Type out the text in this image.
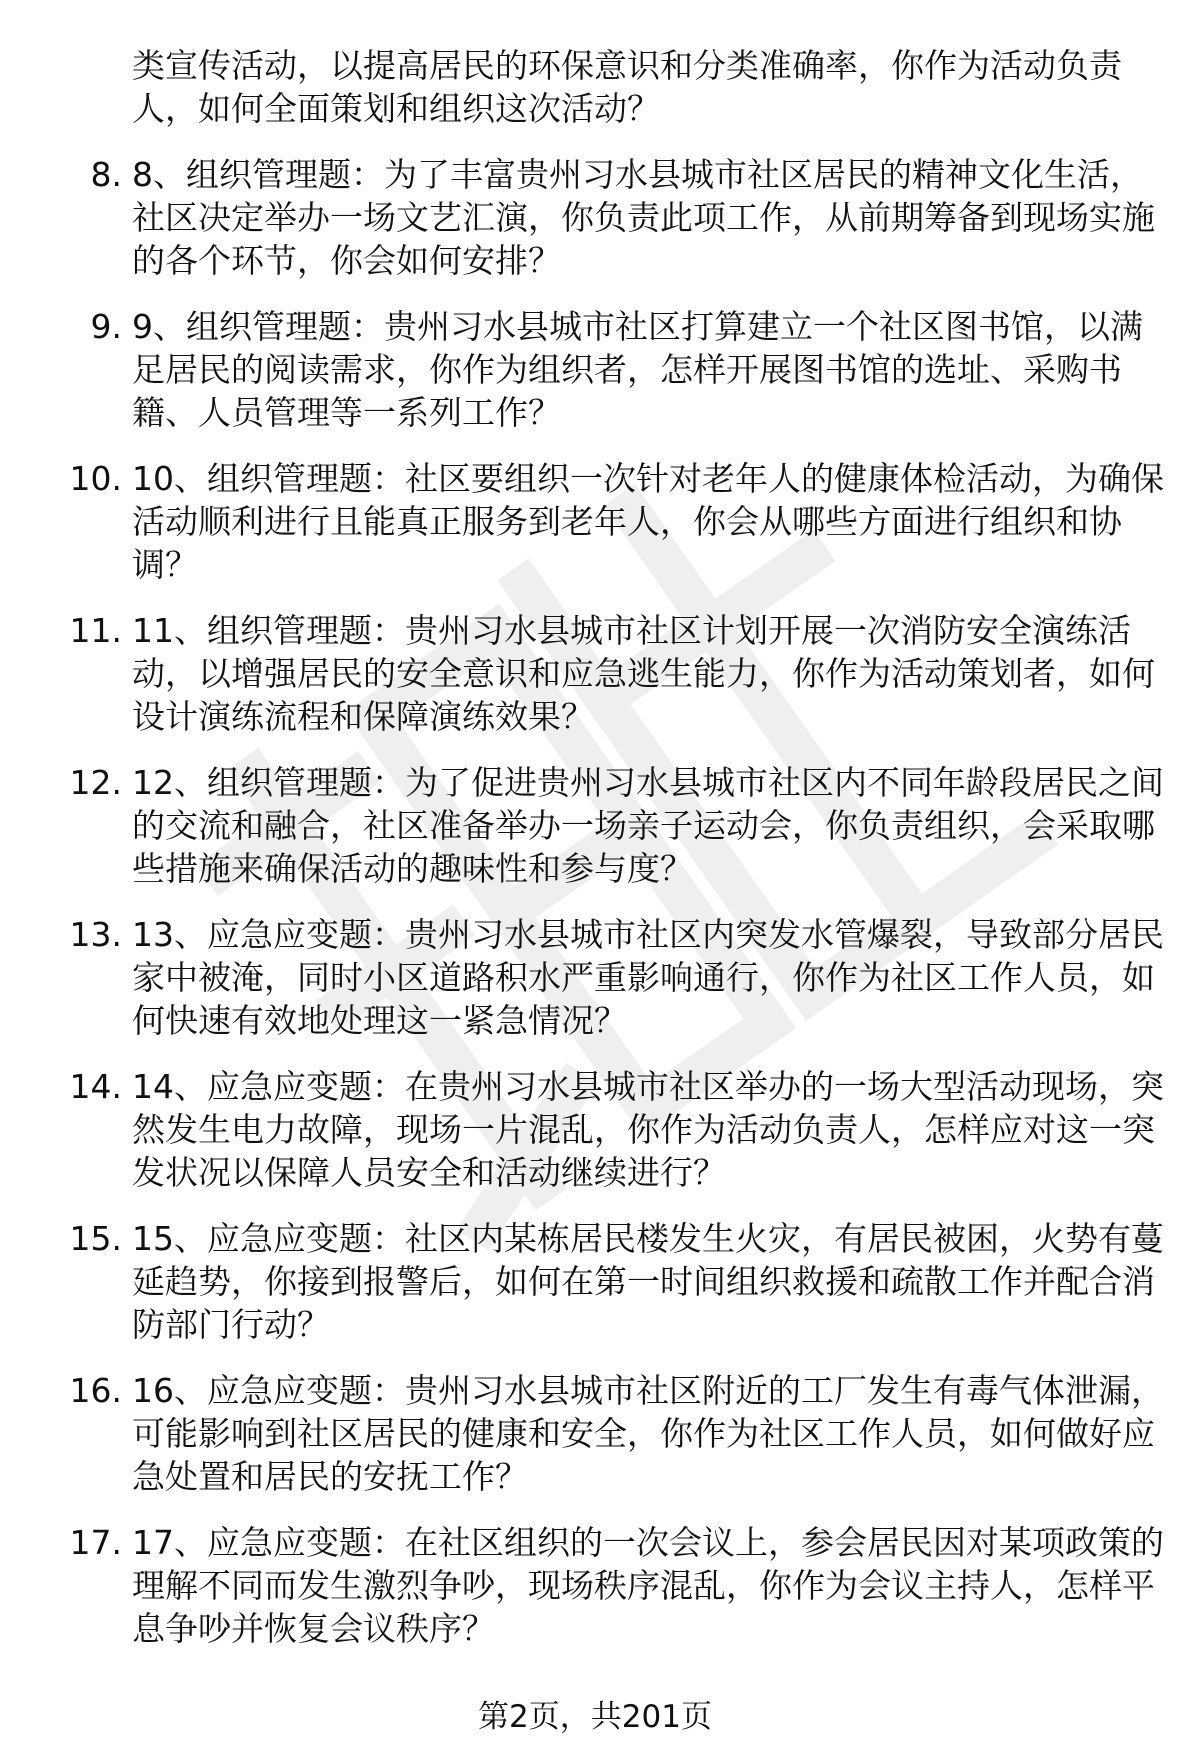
类宣传活动，以提高居民的环保意识和分类准确率，你作为活动负责人，如何全面策划和组织这次活动？
8. 8、组织管理题：为了丰富贵州习水县城市社区居民的精神文化生活，社区决定举办一场文艺汇演，你负责此项工作，从前期筹备到现场实施的各个环节，你会如何安排？
9. 9、组织管理题：贵州习水县城市社区打算建立一个社区图书馆，以满足居民的阅读需求，你作为组织者，怎样开展图书馆的选址、采购书籍、人员管理等一系列工作？
10. 10、组织管理题：社区要组织一次针对老年人的健康体检活动，为确保活动顺利进行且能真正服务到老年人，你会从哪些方面进行组织和协调？
11. 11、组织管理题：贵州习水县城市社区计划开展一次消防安全演练活动，以增强居民的安全意识和应急逃生能力，你作为活动策划者，如何设计演练流程和保障演练效果？
12. 12、组织管理题：为了促进贵州习水县城市社区内不同年龄段居民之间的交流和融合，社区准备举办一场亲子运动会，你负责组织，会采取哪些措施来确保活动的趣味性和参与度？
13. 13、应急应变题：贵州习水县城市社区内突发水管爆裂，导致部分居民家中被淹，同时小区道路积水严重影响通行，你作为社区工作人员，如何快速有效地处理这一紧急情况？
14. 14、应急应变题：在贵州习水县城市社区举办的一场大型活动现场，突然发生电力故障，现场一片混乱，你作为活动负责人，怎样应对这一突发状况以保障人员安全和活动继续进行？
15. 15、应急应变题：社区内某栋居民楼发生火灾，有居民被困，火势有蔓延趋势，你接到报警后，如何在第一时间组织救援和疏散工作并配合消防部门行动？
16. 16、应急应变题：贵州习水县城市社区附近的工厂发生有毒气体泄漏，可能影响到社区居民的健康和安全，你作为社区工作人员，如何做好应急处置和居民的安抚工作？
17. 17、应急应变题：在社区组织的一次会议上，参会居民因对某项政策的理解不同而发生激烈争吵，现场秩序混乱，你作为会议主持人，怎样平息争吵并恢复会议秩序？
第2页，共201页
